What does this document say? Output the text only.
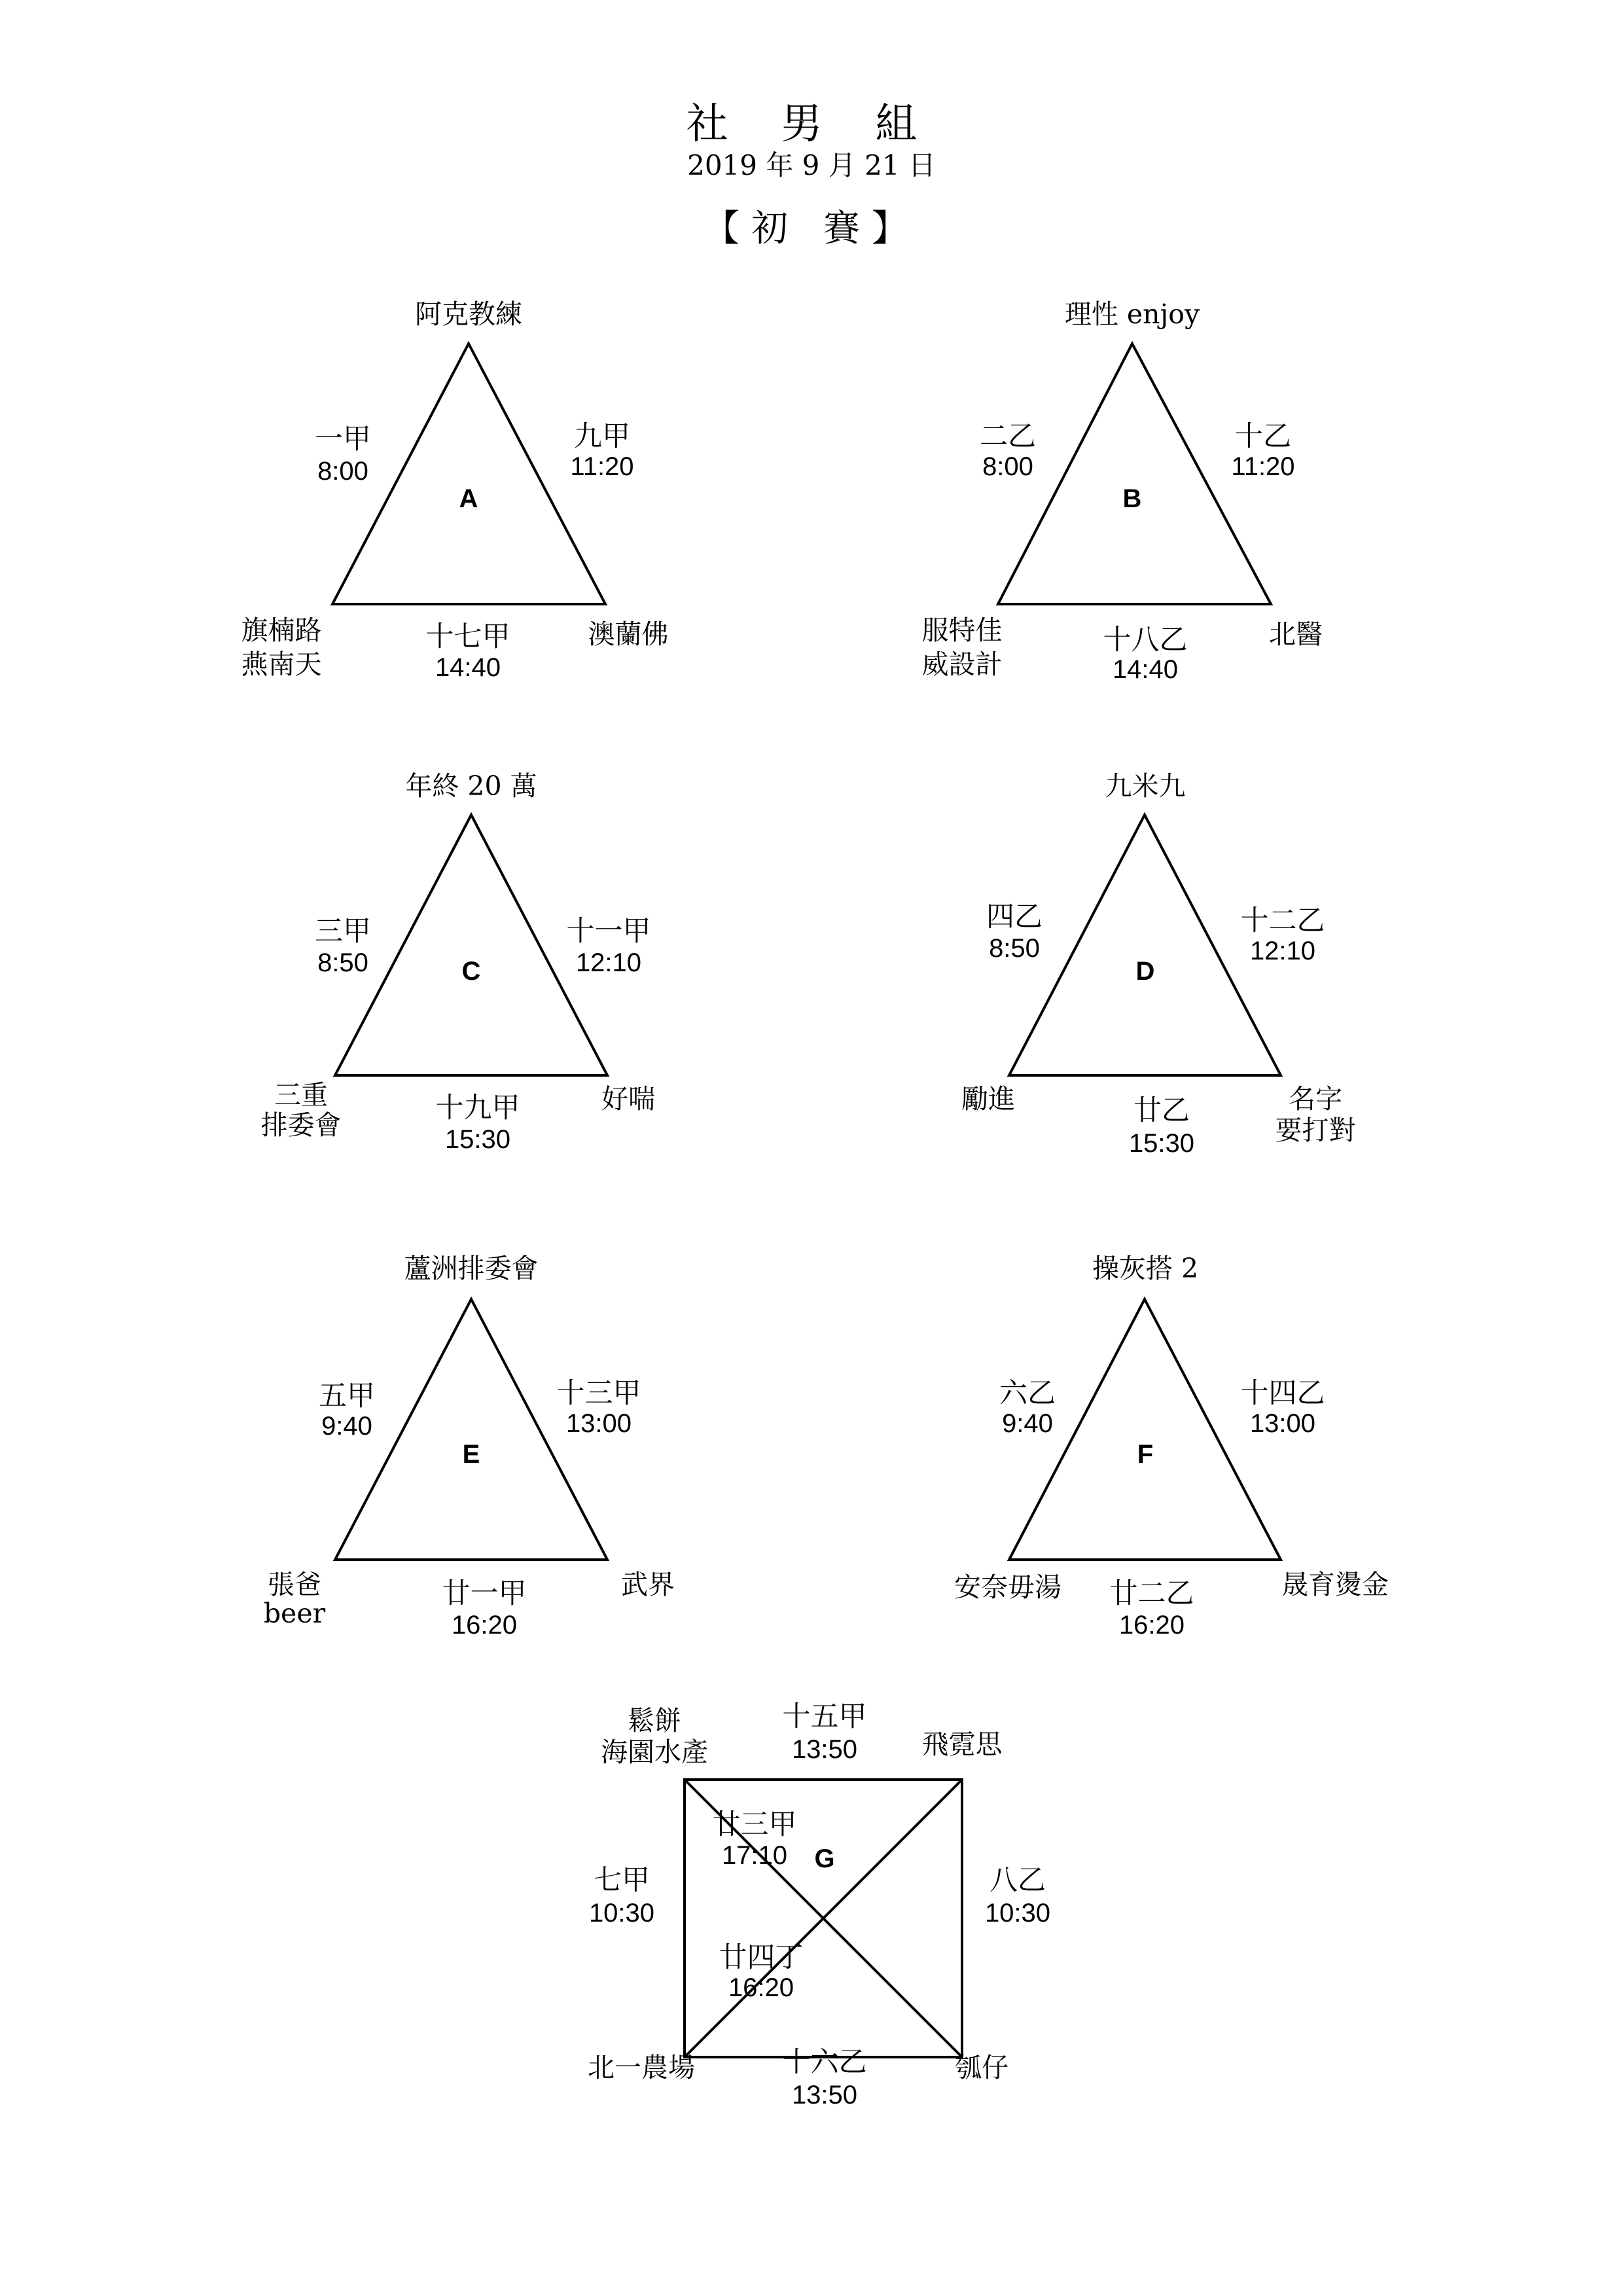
社 男 組
2019 年 9 月 21 日
【初 賽】
阿克教練
一甲
8:00
九甲
11:20
A
旗楠路
燕南天
澳蘭佛
十七甲
14:40
理性 enjoy
二乙
8:00
十乙
11:20
B
服特佳
威設計
北醫
十八乙
14:40
年終 20 萬
三甲
8:50
十一甲
12:10
C
三重
排委會
好喘
十九甲
15:30
九米九
四乙
8:50
十二乙
12:10
D
勵進	名字
要打對
廿乙
15:30
蘆洲排委會
五甲
9:40
十三甲
13:00
E
張爸
beer
武界
廿一甲
16:20
操灰搭 2
六乙
9:40
十四乙
13:00
F
安奈毋湯	晟育燙金
廿二乙
16:20
鬆餅
海園水產	飛霓思
十五甲
13:50
七甲
10:30
八乙
10:30
廿三甲
17:10	G
廿四丁
16:20
北一農場	瓠仔
十六乙
13:50
